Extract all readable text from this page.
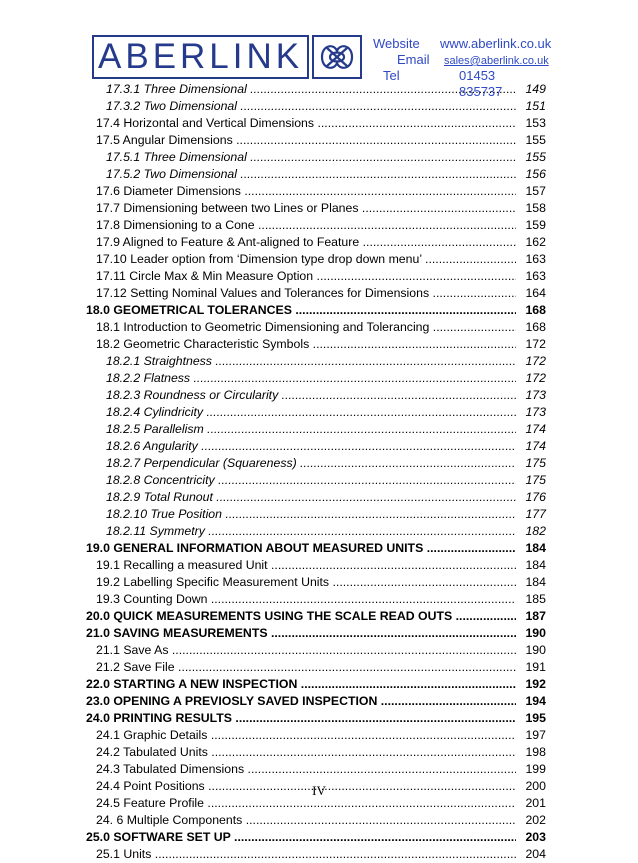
ABERLINK	Website www.aberlink.co.uk
Email sales@aberlink.co.uk
Tel	01453 835737
17.3.1 Three Dimensional .....	149
17.3.2 Two Dimensional .....	151
17.4 Horizontal and Vertical Dimensions .....	153
17.5 Angular Dimensions .....	155
17.5.1 Three Dimensional .....	155
17.5.2 Two Dimensional .....	156
17.6 Diameter Dimensions .....	157
17.7 Dimensioning between two Lines or Planes .....	158
17.8 Dimensioning to a Cone .....	159
17.9 Aligned to Feature & Ant-aligned to Feature .....	162
17.10 Leader option from ‘Dimension type drop down menu’ .....	163
17.11 Circle Max & Min Measure Option .....	163
17.12 Setting Nominal Values and Tolerances for Dimensions .....	164
18.0 GEOMETRICAL TOLERANCES .....	168
18.1 Introduction to Geometric Dimensioning and Tolerancing .....	168
18.2 Geometric Characteristic Symbols .....	172
18.2.1 Straightness .....	172
18.2.2 Flatness .....	172
18.2.3 Roundness or Circularity .....	173
18.2.4 Cylindricity .....	173
18.2.5 Parallelism .....	174
18.2.6 Angularity .....	174
18.2.7 Perpendicular (Squareness) .....	175
18.2.8 Concentricity .....	175
18.2.9 Total Runout .....	176
18.2.10 True Position .....	177
18.2.11 Symmetry .....	182
19.0 GENERAL INFORMATION ABOUT MEASURED UNITS .....	184
19.1 Recalling a measured Unit .....	184
19.2 Labelling Specific Measurement Units .....	184
19.3 Counting Down .....	185
20.0 QUICK MEASUREMENTS USING THE SCALE READ OUTS .....	187
21.0 SAVING MEASUREMENTS .....	190
21.1 Save As .....	190
21.2 Save File .....	191
22.0 STARTING A NEW INSPECTION .....	192
23.0 OPENING A PREVIOSLY SAVED INSPECTION .....	194
24.0 PRINTING RESULTS .....	195
24.1 Graphic Details .....	197
24.2 Tabulated Units .....	198
24.3 Tabulated Dimensions .....	199
24.4 Point Positions .....	200
24.5 Feature Profile .....	201
24. 6 Multiple Components .....	202
25.0 SOFTWARE SET UP .....	203
25.1 Units .....	204
IV
